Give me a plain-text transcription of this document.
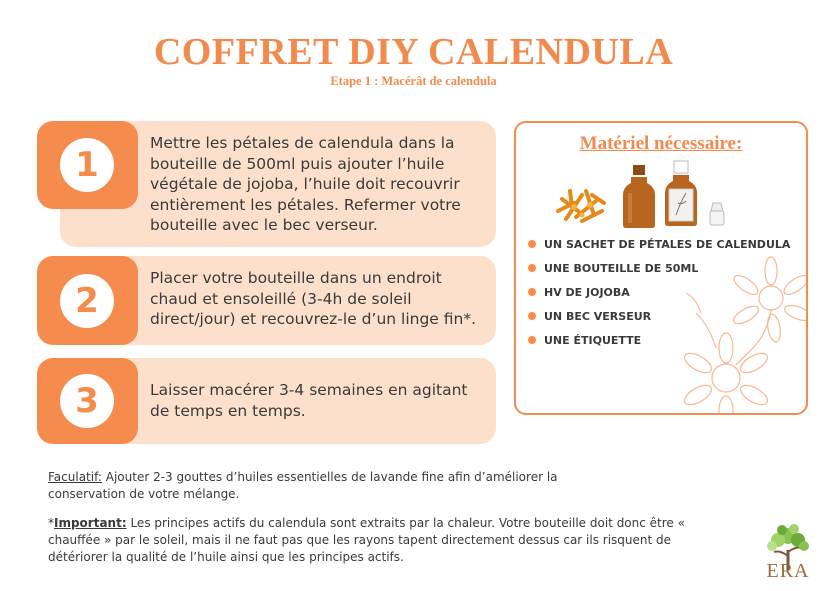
COFFRET DIY CALENDULA
Etape 1 : Macérât de calendula
1
Mettre les pétales de calendula dans la bouteille de 500ml puis ajouter l’huile végétale de jojoba, l’huile doit recouvrir entièrement les pétales. Refermer votre bouteille avec le bec verseur.
2
Placer votre bouteille dans un endroit chaud et ensoleillé (3-4h de soleil direct/jour) et recouvrez-le d’un linge fin*.
3	Laisser macérer 3-4 semaines en agitant de temps en temps.
Matériel nécessaire:
UN SACHET DE PÉTALES DE CALENDULA
UNE BOUTEILLE DE 50ML
HV DE JOJOBA
UN BEC VERSEUR
UNE ÉTIQUETTE
Faculatif: Ajouter 2-3 gouttes d’huiles essentielles de lavande fine afin d’améliorer la conservation de votre mélange.
*Important: Les principes actifs du calendula sont extraits par la chaleur. Votre bouteille doit donc être « chauffée » par le soleil, mais il ne faut pas que les rayons tapent directement dessus car ils risquent de détériorer la qualité de l’huile ainsi que les principes actifs.
ERA
